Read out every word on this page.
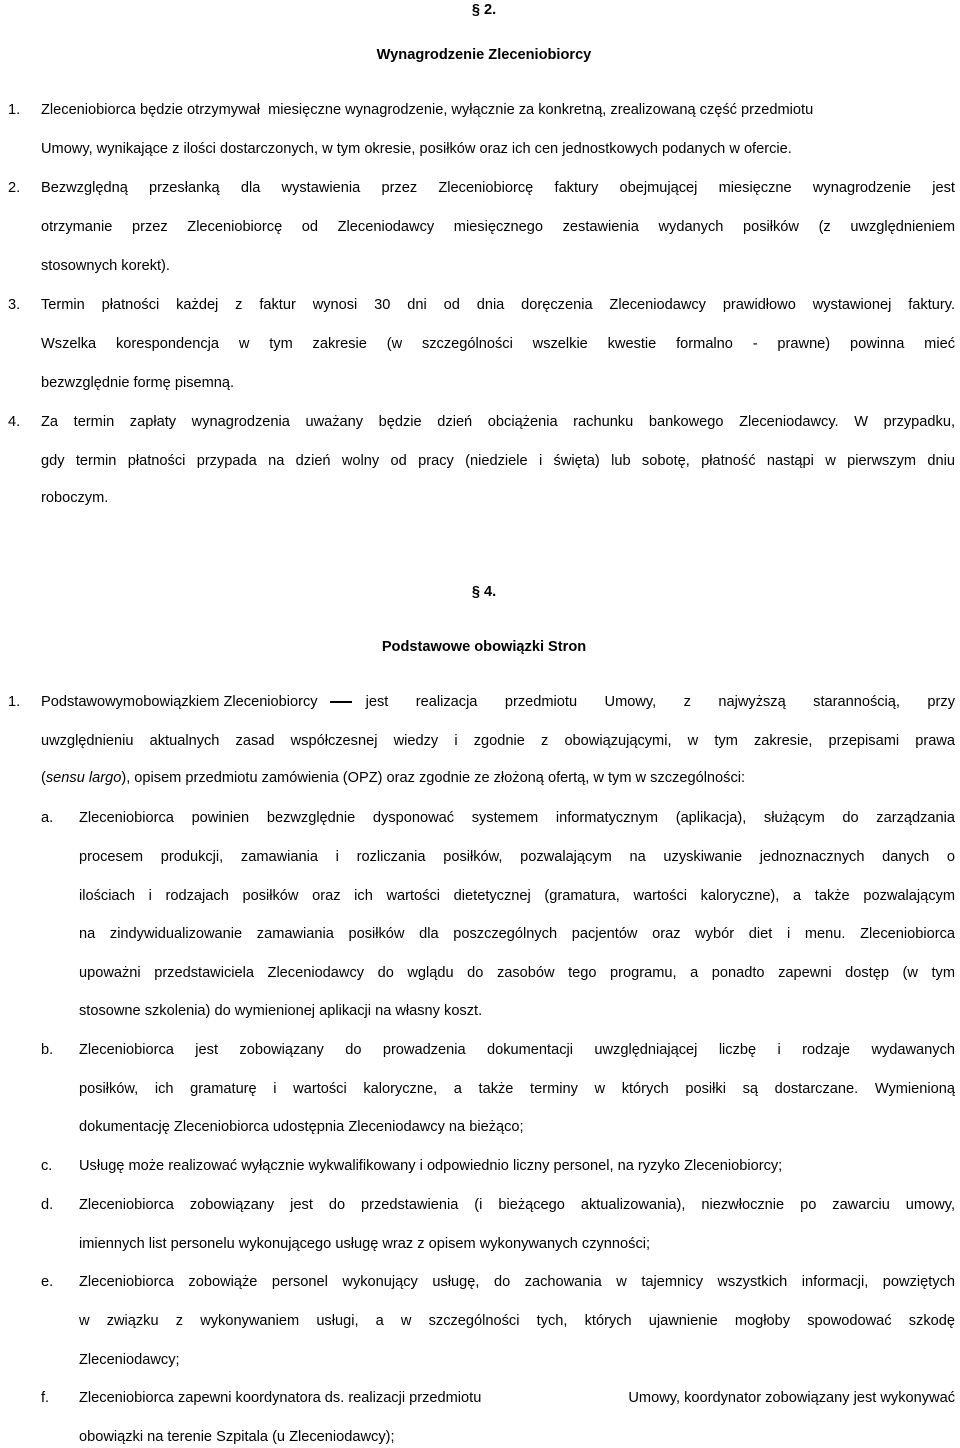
§ 2.
Wynagrodzenie Zleceniobiorcy
1. Zleceniobiorca będzie otrzymywał  miesięczne wynagrodzenie, wyłącznie za konkretną, zrealizowaną część przedmiotu
Umowy, wynikające z ilości dostarczonych, w tym okresie, posiłków oraz ich cen jednostkowych podanych w ofercie.
2. Bezwzględną przesłanką dla wystawienia przez Zleceniobiorcę faktury obejmującej miesięczne wynagrodzenie jest
otrzymanie przez Zleceniobiorcę od Zleceniodawcy miesięcznego zestawienia wydanych posiłków (z uwzględnieniem
stosownych korekt).
3. Termin płatności każdej z faktur wynosi 30 dni od dnia doręczenia Zleceniodawcy prawidłowo wystawionej faktury.
Wszelka korespondencja w tym zakresie (w szczególności wszelkie kwestie formalno - prawne) powinna mieć
bezwzględnie formę pisemną.
4. Za termin zapłaty wynagrodzenia uważany będzie dzień obciążenia rachunku bankowego Zleceniodawcy. W przypadku,
gdy termin płatności przypada na dzień wolny od pracy (niedziele i święta) lub sobotę, płatność nastąpi w pierwszym dniu
roboczym.
§ 4.
Podstawowe obowiązki Stron
1. Podstawowym obowiązkiem Zleceniobiorcy	jest realizacja przedmiotu Umowy, z najwyższą starannością, przy
uwzględnieniu aktualnych zasad współczesnej wiedzy i zgodnie z obowiązującymi, w tym zakresie, przepisami prawa
(sensu largo), opisem przedmiotu zamówienia (OPZ) oraz zgodnie ze złożoną ofertą, w tym w szczególności:
a. Zleceniobiorca powinien bezwzględnie dysponować systemem informatycznym (aplikacja), służącym do zarządzania
procesem produkcji, zamawiania i rozliczania posiłków, pozwalającym na uzyskiwanie jednoznacznych danych o
ilościach i rodzajach posiłków oraz ich wartości dietetycznej (gramatura, wartości kaloryczne), a także pozwalającym
na zindywidualizowanie zamawiania posiłków dla poszczególnych pacjentów oraz wybór diet i menu. Zleceniobiorca
upoważni przedstawiciela Zleceniodawcy do wglądu do zasobów tego programu, a ponadto zapewni dostęp (w tym
stosowne szkolenia) do wymienionej aplikacji na własny koszt.
b. Zleceniobiorca jest zobowiązany do prowadzenia dokumentacji uwzględniającej liczbę i rodzaje wydawanych
posiłków, ich gramaturę i wartości kaloryczne, a także terminy w których posiłki są dostarczane. Wymienioną
dokumentację Zleceniobiorca udostępnia Zleceniodawcy na bieżąco;
c. Usługę może realizować wyłącznie wykwalifikowany i odpowiednio liczny personel, na ryzyko Zleceniobiorcy;
d. Zleceniobiorca zobowiązany jest do przedstawienia (i bieżącego aktualizowania), niezwłocznie po zawarciu umowy,
imiennych list personelu wykonującego usługę wraz z opisem wykonywanych czynności;
e. Zleceniobiorca zobowiąże personel wykonujący usługę, do zachowania w tajemnicy wszystkich informacji, powziętych
w związku z wykonywaniem usługi, a w szczególności tych, których ujawnienie mogłoby spowodować szkodę
Zleceniodawcy;
f. Zleceniobiorca zapewni koordynatora ds. realizacji przedmiotu	Umowy, koordynator zobowiązany jest wykonywać
obowiązki na terenie Szpitala (u Zleceniodawcy);
